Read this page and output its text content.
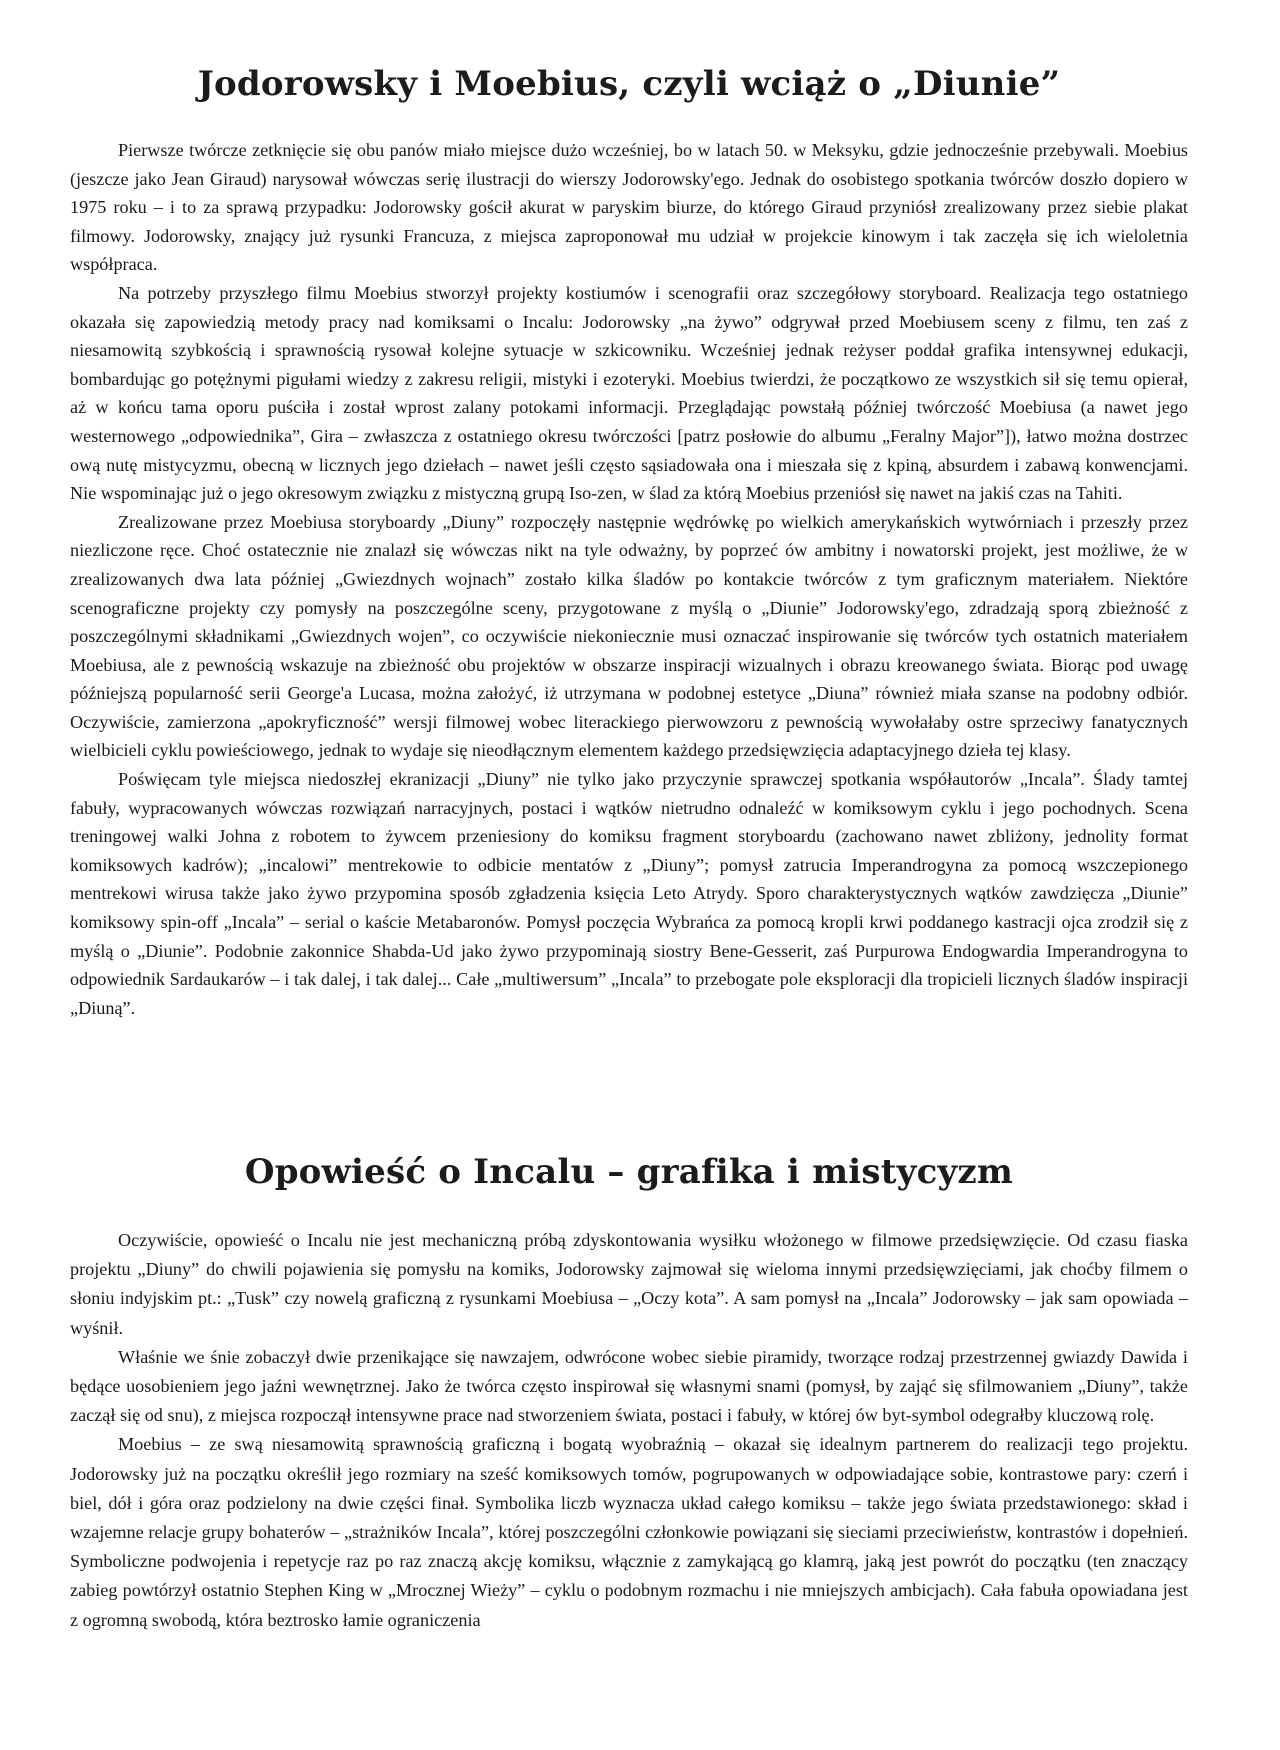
Jodorowsky i Moebius, czyli wciąż o „Diunie”

Pierwsze twórcze zetknięcie się obu panów miało miejsce dużo wcześniej, bo w latach 50. w Meksyku, gdzie jednocześnie przebywali. Moebius (jeszcze jako Jean Giraud) narysował wówczas serię ilustracji do wierszy Jodorowsky'ego. Jednak do osobistego spotkania twórców doszło dopiero w 1975 roku – i to za sprawą przypadku: Jodorowsky gościł akurat w paryskim biurze, do którego Giraud przyniósł zrealizowany przez siebie plakat filmowy. Jodorowsky, znający już rysunki Francuza, z miejsca zaproponował mu udział w projekcie kinowym i tak zaczęła się ich wieloletnia współpraca.

Na potrzeby przyszłego filmu Moebius stworzył projekty kostiumów i scenografii oraz szczegółowy storyboard. Realizacja tego ostatniego okazała się zapowiedzią metody pracy nad komiksami o Incalu: Jodorowsky „na żywo” odgrywał przed Moebiusem sceny z filmu, ten zaś z niesamowitą szybkością i sprawnością rysował kolejne sytuacje w szkicowniku. Wcześniej jednak reżyser poddał grafika intensywnej edukacji, bombardując go potężnymi pigułami wiedzy z zakresu religii, mistyki i ezoteryki. Moebius twierdzi, że początkowo ze wszystkich sił się temu opierał, aż w końcu tama oporu puściła i został wprost zalany potokami informacji. Przeglądając powstałą później twórczość Moebiusa (a nawet jego westernowego „odpowiednika”, Gira – zwłaszcza z ostatniego okresu twórczości [patrz posłowie do albumu „Feralny Major”]), łatwo można dostrzec ową nutę mistycyzmu, obecną w licznych jego dziełach – nawet jeśli często sąsiadowała ona i mieszała się z kpiną, absurdem i zabawą konwencjami. Nie wspominając już o jego okresowym związku z mistyczną grupą Iso-zen, w ślad za którą Moebius przeniósł się nawet na jakiś czas na Tahiti.

Zrealizowane przez Moebiusa storyboardy „Diuny” rozpoczęły następnie wędrówkę po wielkich amerykańskich wytwórniach i przeszły przez niezliczone ręce. Choć ostatecznie nie znalazł się wówczas nikt na tyle odważny, by poprzeć ów ambitny i nowatorski projekt, jest możliwe, że w zrealizowanych dwa lata później „Gwiezdnych wojnach” zostało kilka śladów po kontakcie twórców z tym graficznym materiałem. Niektóre scenograficzne projekty czy pomysły na poszczególne sceny, przygotowane z myślą o „Diunie” Jodorowsky'ego, zdradzają sporą zbieżność z poszczególnymi składnikami „Gwiezdnych wojen”, co oczywiście niekoniecznie musi oznaczać inspirowanie się twórców tych ostatnich materiałem Moebiusa, ale z pewnością wskazuje na zbieżność obu projektów w obszarze inspiracji wizualnych i obrazu kreowanego świata. Biorąc pod uwagę późniejszą popularność serii George'a Lucasa, można założyć, iż utrzymana w podobnej estetyce „Diuna” również miała szanse na podobny odbiór. Oczywiście, zamierzona „apokryficzność” wersji filmowej wobec literackiego pierwowzoru z pewnością wywołałaby ostre sprzeciwy fanatycznych wielbicieli cyklu powieściowego, jednak to wydaje się nieodłącznym elementem każdego przedsięwzięcia adaptacyjnego dzieła tej klasy.

Poświęcam tyle miejsca niedoszłej ekranizacji „Diuny” nie tylko jako przyczynie sprawczej spotkania współautorów „Incala”. Ślady tamtej fabuły, wypracowanych wówczas rozwiązań narracyjnych, postaci i wątków nietrudno odnaleźć w komiksowym cyklu i jego pochodnych. Scena treningowej walki Johna z robotem to żywcem przeniesiony do komiksu fragment storyboardu (zachowano nawet zbliżony, jednolity format komiksowych kadrów); „incalowi” mentrekowie to odbicie mentatów z „Diuny”; pomysł zatrucia Imperandrogyna za pomocą wszczepionego mentrekowi wirusa także jako żywo przypomina sposób zgładzenia księcia Leto Atrydy. Sporo charakterystycznych wątków zawdzięcza „Diunie” komiksowy spin-off „Incala” – serial o kaście Metabaronów. Pomysł poczęcia Wybrańca za pomocą kropli krwi poddanego kastracji ojca zrodził się z myślą o „Diunie”. Podobnie zakonnice Shabda-Ud jako żywo przypominają siostry Bene-Gesserit, zaś Purpurowa Endogwardia Imperandrogyna to odpowiednik Sardaukarów – i tak dalej, i tak dalej... Całe „multiwersum” „Incala” to przebogate pole eksploracji dla tropicieli licznych śladów inspiracji „Diuną”.

Opowieść o Incalu – grafika i mistycyzm

Oczywiście, opowieść o Incalu nie jest mechaniczną próbą zdyskontowania wysiłku włożonego w filmowe przedsięwzięcie. Od czasu fiaska projektu „Diuny” do chwili pojawienia się pomysłu na komiks, Jodorowsky zajmował się wieloma innymi przedsięwzięciami, jak choćby filmem o słoniu indyjskim pt.: „Tusk” czy nowelą graficzną z rysunkami Moebiusa – „Oczy kota”. A sam pomysł na „Incala” Jodorowsky – jak sam opowiada – wyśnił.

Właśnie we śnie zobaczył dwie przenikające się nawzajem, odwrócone wobec siebie piramidy, tworzące rodzaj przestrzennej gwiazdy Dawida i będące uosobieniem jego jaźni wewnętrznej. Jako że twórca często inspirował się własnymi snami (pomysł, by zająć się sfilmowaniem „Diuny”, także zaczął się od snu), z miejsca rozpoczął intensywne prace nad stworzeniem świata, postaci i fabuły, w której ów byt-symbol odegrałby kluczową rolę.

Moebius – ze swą niesamowitą sprawnością graficzną i bogatą wyobraźnią – okazał się idealnym partnerem do realizacji tego projektu. Jodorowsky już na początku określił jego rozmiary na sześć komiksowych tomów, pogrupowanych w odpowiadające sobie, kontrastowe pary: czerń i biel, dół i góra oraz podzielony na dwie części finał. Symbolika liczb wyznacza układ całego komiksu – także jego świata przedstawionego: skład i wzajemne relacje grupy bohaterów – „strażników Incala”, której poszczególni członkowie powiązani się sieciami przeciwieństw, kontrastów i dopełnień. Symboliczne podwojenia i repetycje raz po raz znaczą akcję komiksu, włącznie z zamykającą go klamrą, jaką jest powrót do początku (ten znaczący zabieg powtórzył ostatnio Stephen King w „Mrocznej Wieży” – cyklu o podobnym rozmachu i nie mniejszych ambicjach). Cała fabuła opowiadana jest z ogromną swobodą, która beztrosko łamie ograniczenia
